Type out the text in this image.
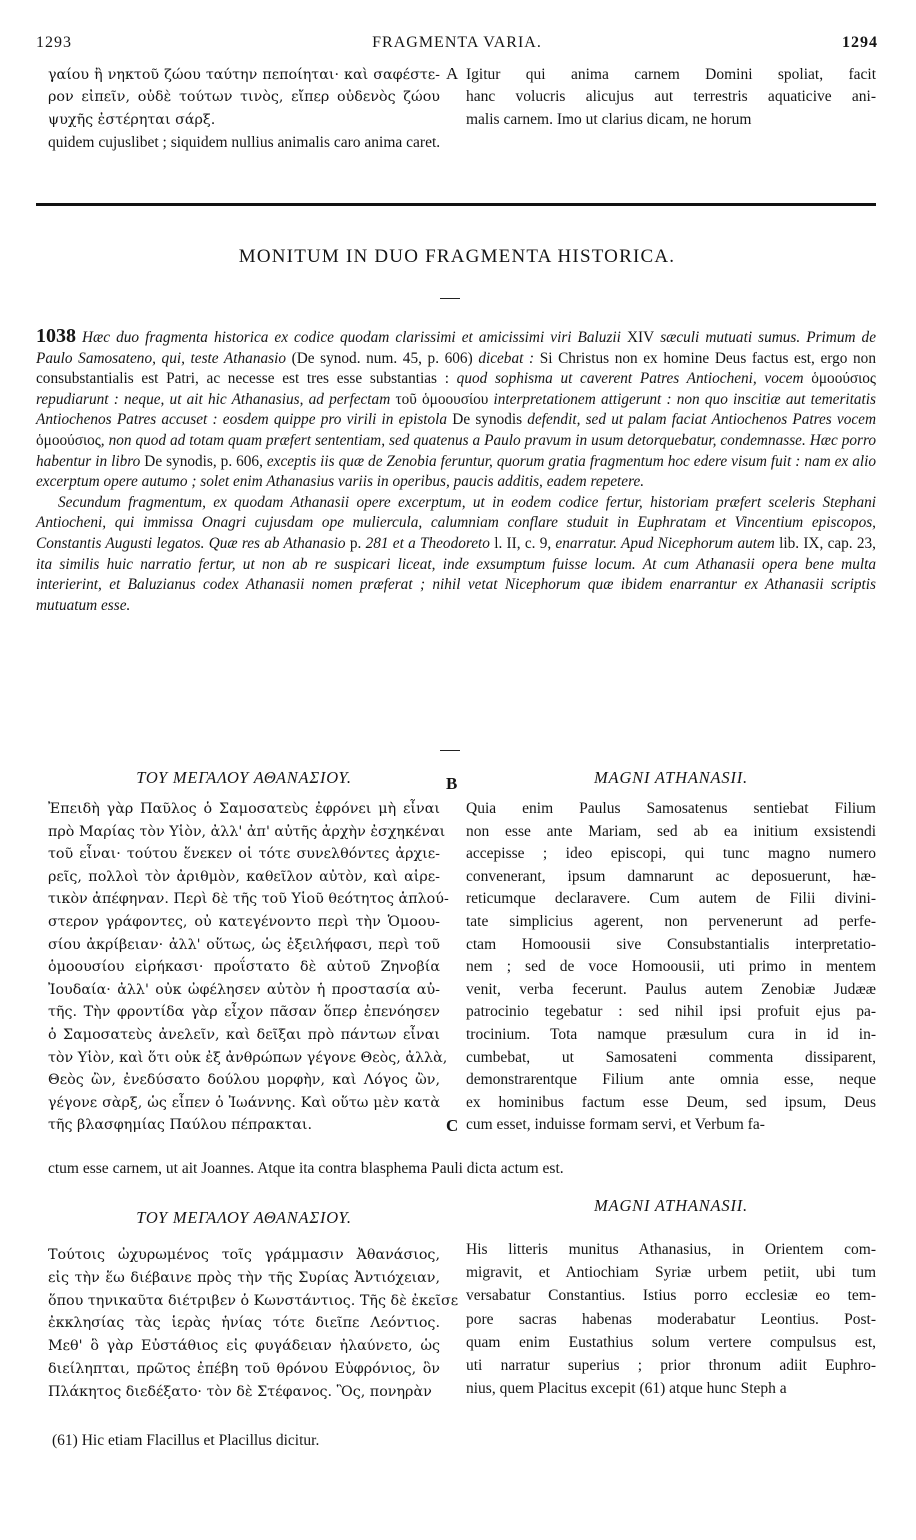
1293	FRAGMENTA VARIA.	1294
γαίου ἢ νηκτοῦ ζώου ταύτην πεποίηται· καὶ σαφέστε-
ρον εἰπεῖν, οὐδὲ τούτων τινὸς, εἴπερ οὐδενὸς ζώου
ψυχῆς ἐστέρηται σάρξ.
A Igitur qui anima carnem Domini spoliat, facit
hanc volucris alicujus aut terrestris aquaticive ani-
malis carnem. Imo ut clarius dicam, ne horum
quidem cujuslibet ; siquidem nullius animalis caro anima caret.
MONITUM IN DUO FRAGMENTA HISTORICA.

1038 Hæc duo fragmenta historica ex codice quodam clarissimi et amicissimi viri Baluzii XIV sæculi mutuati sumus. Primum de Paulo Samosateno, qui, teste Athanasio (De synod. num. 45, p. 606) dicebat : Si Christus non ex homine Deus factus est, ergo non consubstantialis est Patri, ac necesse est tres esse substantias : quod sophisma ut caverent Patres Antiocheni, vocem ὁμοούσιος repudiarunt : neque, ut ait hic Athanasius, ad perfectam τοῦ ὁμοουσίου interpretationem attigerunt : non quo inscitiæ aut temeritatis Antiochenos Patres accuset : eosdem quippe pro virili in epistola De synodis defendit, sed ut palam faciat Antiochenos Patres vocem ὁμοούσιος, non quod ad totam quam præfert sententiam, sed quatenus a Paulo pravum in usum detorquebatur, condemnasse. Hæc porro habentur in libro De synodis, p. 606, exceptis iis quæ de Zenobia feruntur, quorum gratia fragmentum hoc edere visum fuit : nam ex alio excerptum opere autumo ; solet enim Athanasius variis in operibus, paucis additis, eadem repetere.

Secundum fragmentum, ex quodam Athanasii opere excerptum, ut in eodem codice fertur, historiam præfert sceleris Stephani Antiocheni, qui immissa Onagri cujusdam ope muliercula, calumniam conflare studuit in Euphratam et Vincentium episcopos, Constantis Augusti legatos. Quæ res ab Athanasio p. 281 et a Theodoreto l. II, c. 9, enarratur. Apud Nicephorum autem lib. IX, cap. 23, ita similis huic narratio fertur, ut non ab re suspicari liceat, inde exsumptum fuisse locum. At cum Athanasii opera bene multa interierint, et Baluzianus codex Athanasii nomen præferat ; nihil vetat Nicephorum quæ ibidem enarrantur ex Athanasii scriptis mutuatum esse.

ΤΟΥ ΜΕΓΑΛΟΥ ΑΘΑΝΑΣΙΟΥ.	B	MAGNI ATHANASII.
Ἐπειδὴ γὰρ Παῦλος ὁ Σαμοσατεὺς ἐφρόνει μὴ εἶναι
πρὸ Μαρίας τὸν Υἱὸν, ἀλλ' ἀπ' αὐτῆς ἀρχὴν ἐσχηκέναι
τοῦ εἶναι· τούτου ἕνεκεν οἱ τότε συνελθόντες ἀρχιε-
ρεῖς, πολλοὶ τὸν ἀριθμὸν, καθεῖλον αὐτὸν, καὶ αἱρε-
τικὸν ἀπέφηναν. Περὶ δὲ τῆς τοῦ Υἱοῦ θεότητος ἁπλού-
στερον γράφοντες, οὐ κατεγένοντο περὶ τὴν Ὁμοου-
σίου ἀκρίβειαν· ἀλλ' οὕτως, ὡς ἐξειλήφασι, περὶ τοῦ
ὁμοουσίου εἰρήκασι· προΐστατο δὲ αὐτοῦ Ζηνοβία
Ἰουδαία· ἀλλ' οὐκ ὠφέλησεν αὐτὸν ἡ προστασία αὐ-
τῆς. Τὴν φροντίδα γὰρ εἶχον πᾶσαν ὅπερ ἐπενόησεν
ὁ Σαμοσατεὺς ἀνελεῖν, καὶ δεῖξαι πρὸ πάντων εἶναι
τὸν Υἱὸν, καὶ ὅτι οὐκ ἐξ ἀνθρώπων γέγονε Θεὸς, ἀλλὰ,
Θεὸς ὢν, ἐνεδύσατο δούλου μορφὴν, καὶ Λόγος ὢν,
γέγονε σὰρξ, ὡς εἶπεν ὁ Ἰωάννης. Καὶ οὕτω μὲν κατὰ
τῆς βλασφημίας Παύλου πέπρακται.	C
Quia enim Paulus Samosatenus sentiebat Filium
non esse ante Mariam, sed ab ea initium exsistendi
accepisse ; ideo episcopi, qui tunc magno numero
convenerant, ipsum damnarunt ac deposuerunt, hæ-
reticumque declaravere. Cum autem de Filii divini-
tate simplicius agerent, non pervenerunt ad perfe-
ctam Homoousii sive Consubstantialis interpretatio-
nem ; sed de voce Homoousii, uti primo in mentem
venit, verba fecerunt. Paulus autem Zenobiæ Judææ
patrocinio tegebatur : sed nihil ipsi profuit ejus pa-
trocinium. Tota namque præsulum cura in id in-
cumbebat, ut Samosateni commenta dissiparent,
demonstrarentque Filium ante omnia esse, neque
ex hominibus factum esse Deum, sed ipsum, Deus
cum esset, induisse formam servi, et Verbum fa-
ctum esse carnem, ut ait Joannes. Atque ita contra blasphema Pauli dicta actum est.
ΤΟΥ ΜΕΓΑΛΟΥ ΑΘΑΝΑΣΙΟΥ.
MAGNI ATHANASII.
Τούτοις ὠχυρωμένος τοῖς γράμμασιν Ἀθανάσιος,
εἰς τὴν ἕω διέβαινε πρὸς τὴν τῆς Συρίας Ἀντιόχειαν,
ὅπου τηνικαῦτα διέτριβεν ὁ Κωνστάντιος. Τῆς δὲ ἐκεῖσε
ἐκκλησίας τὰς ἱερὰς ἡνίας τότε διεῖπε Λεόντιος.
Μεθ' ὃ γὰρ Εὐστάθιος εἰς φυγάδειαν ἠλαύνετο, ὡς
διείληπται, πρῶτος ἐπέβη τοῦ θρόνου Εὐφρόνιος, ὃν
Πλάκητος διεδέξατο· τὸν δὲ Στέφανος. Ὃς, πονηρὰν
His litteris munitus Athanasius, in Orientem com-
migravit, et Antiochiam Syriæ urbem petiit, ubi tum
versabatur Constantius. Istius porro ecclesiæ eo tem-
pore sacras habenas moderabatur Leontius. Post-
quam enim Eustathius solum vertere compulsus est,
uti narratur superius ; prior thronum adiit Euphro-
nius, quem Placitus excepit (61) atque hunc Steph a
(61) Hic etiam Flacillus et Placillus dicitur.
